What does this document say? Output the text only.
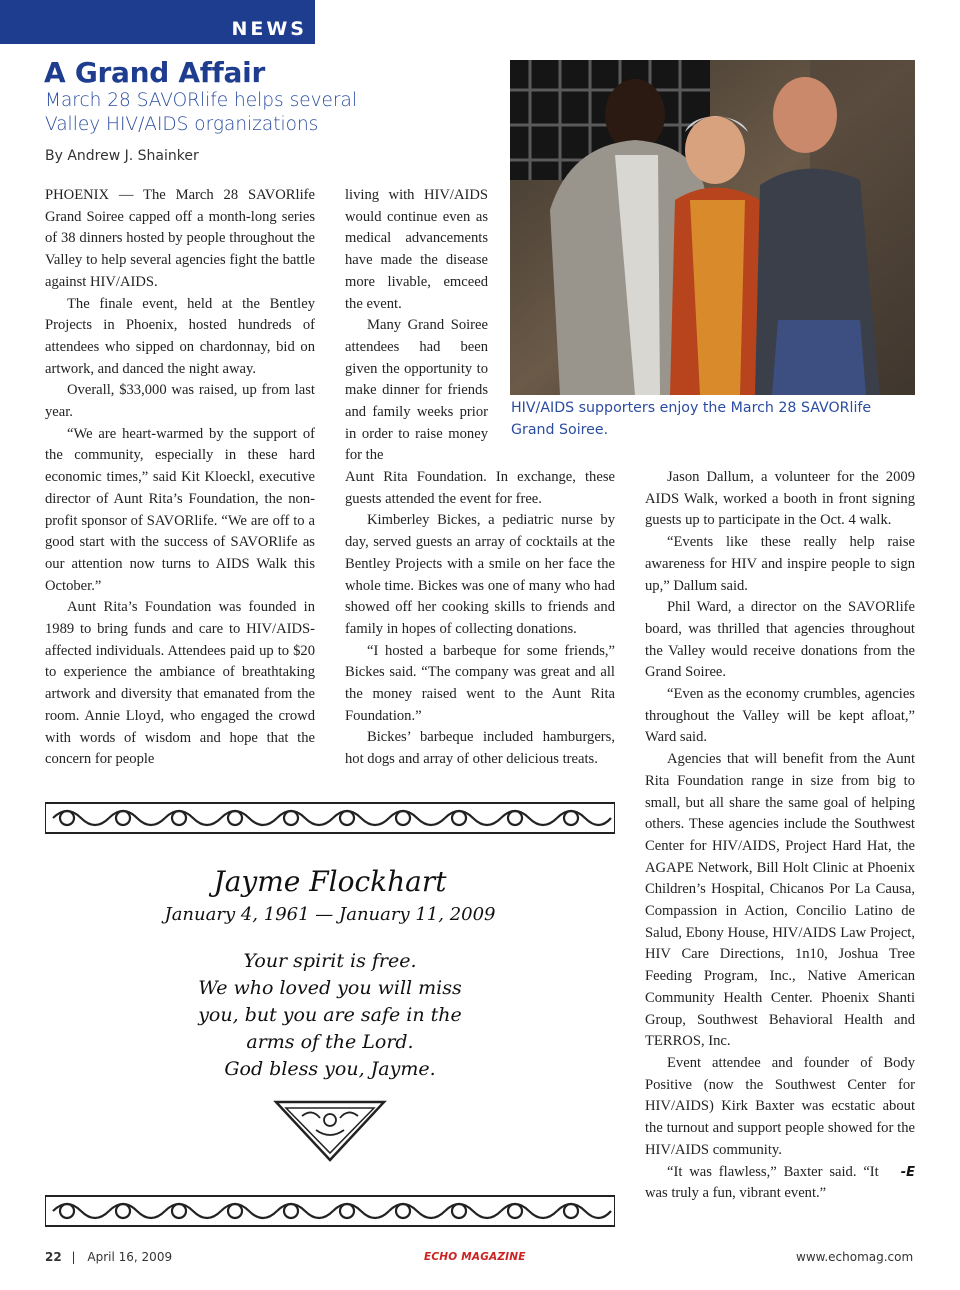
NEWS
A Grand Affair
March 28 SAVORlife helps several Valley HIV/AIDS organizations
By Andrew J. Shainker

PHOENIX — The March 28 SAVORlife Grand Soiree capped off a month-long series of 38 dinners hosted by people throughout the Valley to help several agencies fight the battle against HIV/AIDS.

The finale event, held at the Bentley Projects in Phoenix, hosted hundreds of attendees who sipped on chardonnay, bid on artwork, and danced the night away.

Overall, $33,000 was raised, up from last year.

“We are heart-warmed by the support of the community, especially in these hard economic times,” said Kit Kloeckl, executive director of Aunt Rita’s Foundation, the non-profit sponsor of SAVORlife. “We are off to a good start with the success of SAVORlife as our attention now turns to AIDS Walk this October.”

Aunt Rita’s Foundation was founded in 1989 to bring funds and care to HIV/AIDS-affected individuals. Attendees paid up to $20 to experience the ambiance of breathtaking artwork and diversity that emanated from the room. Annie Lloyd, who engaged the crowd with words of wisdom and hope that the concern for people

living with HIV/AIDS would continue even as medical advancements have made the disease more livable, emceed the event.

Many Grand Soiree attendees had been given the opportunity to make dinner for friends and family weeks prior in order to raise money for the

Aunt Rita Foundation. In exchange, these guests attended the event for free.

Kimberley Bickes, a pediatric nurse by day, served guests an array of cocktails at the Bentley Projects with a smile on her face the whole time. Bickes was one of many who had showed off her cooking skills to friends and family in hopes of collecting donations.

“I hosted a barbeque for some friends,” Bickes said. “The company was great and all the money raised went to the Aunt Rita Foundation.”

Bickes’ barbeque included hamburgers, hot dogs and array of other delicious treats.

Jason Dallum, a volunteer for the 2009 AIDS Walk, worked a booth in front signing guests up to participate in the Oct. 4 walk.

“Events like these really help raise awareness for HIV and inspire people to sign up,” Dallum said.

Phil Ward, a director on the SAVORlife board, was thrilled that agencies throughout the Valley would receive donations from the Grand Soiree.

“Even as the economy crumbles, agencies throughout the Valley will be kept afloat,” Ward said.

Agencies that will benefit from the Aunt Rita Foundation range in size from big to small, but all share the same goal of helping others. These agencies include the Southwest Center for HIV/AIDS, Project Hard Hat, the AGAPE Network, Bill Holt Clinic at Phoenix Children’s Hospital, Chicanos Por La Causa, Compassion in Action, Concilio Latino de Salud, Ebony House, HIV/AIDS Law Project, HIV Care Directions, 1n10, Joshua Tree Feeding Program, Inc., Native American Community Health Center. Phoenix Shanti Group, Southwest Behavioral Health and TERROS, Inc.

Event attendee and founder of Body Positive (now the Southwest Center for HIV/AIDS) Kirk Baxter was ecstatic about the turnout and support people showed for the HIV/AIDS community.

-E
“It was flawless,” Baxter said. “It was truly a fun, vibrant event.”

HIV/AIDS supporters enjoy the March 28 SAVORlife Grand Soiree.
Jayme Flockhart
January 4, 1961 — January 11, 2009
Your spirit is free.
We who loved you will miss
you, but you are safe in the
arms of the Lord.
God bless you, Jayme.
22 | April 16, 2009	ECHO MAGAZINE	www.echomag.com
